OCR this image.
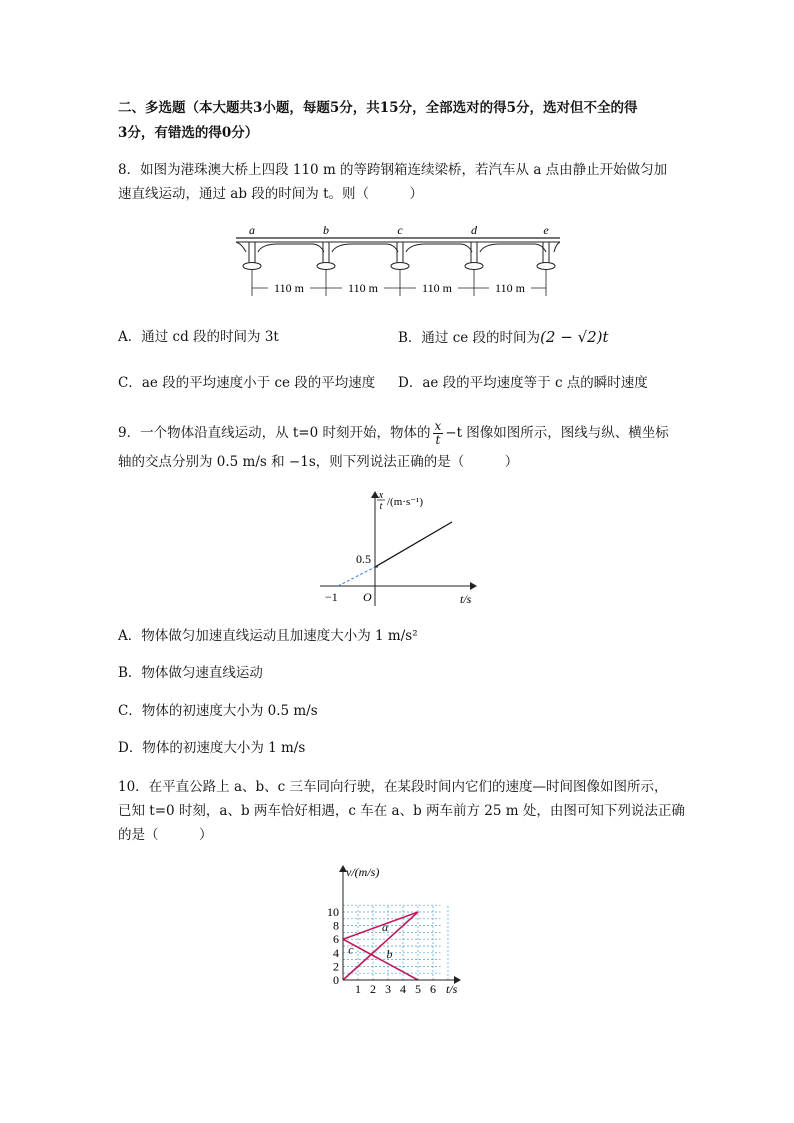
二、多选题（本大题共3小题，每题5分，共15分，全部选对的得5分，选对但不全的得
3分，有错选的得0分）
8．如图为港珠澳大桥上四段 110 m 的等跨钢箱连续梁桥，若汽车从 a 点由静止开始做匀加
速直线运动，通过 ab 段的时间为 t。则（　　　）
a	b	c	d	e
110 m	110 m	110 m	110 m
A．通过 cd 段的时间为 3t	B．通过 ce 段的时间为(2 − √2)t
C．ae 段的平均速度小于 ce 段的平均速度 D．ae 段的平均速度等于 c 点的瞬时速度
9．一个物体沿直线运动，从 t=0 时刻开始，物体的 $\frac{x}{t} -t$ 图像如图所示，图线与纵、横坐标
轴的交点分别为 0.5 m/s 和 −1s，则下列说法正确的是（　　　）
x
t /(m·s⁻¹)
0.5
−1 O	t/s
A．物体做匀加速直线运动且加速度大小为 1 m/s²
B．物体做匀速直线运动
C．物体的初速度大小为 0.5 m/s
D．物体的初速度大小为 1 m/s
10．在平直公路上 a、b、c 三车同向行驶，在某段时间内它们的速度—时间图像如图所示，
已知 t=0 时刻，a、b 两车恰好相遇，c 车在 a、b 两车前方 25 m 处，由图可知下列说法正确
的是（　　　）
a
b
c
1 2 3 4 5 6
0
2
4
6
8
10
v/(m/s)
t/s
